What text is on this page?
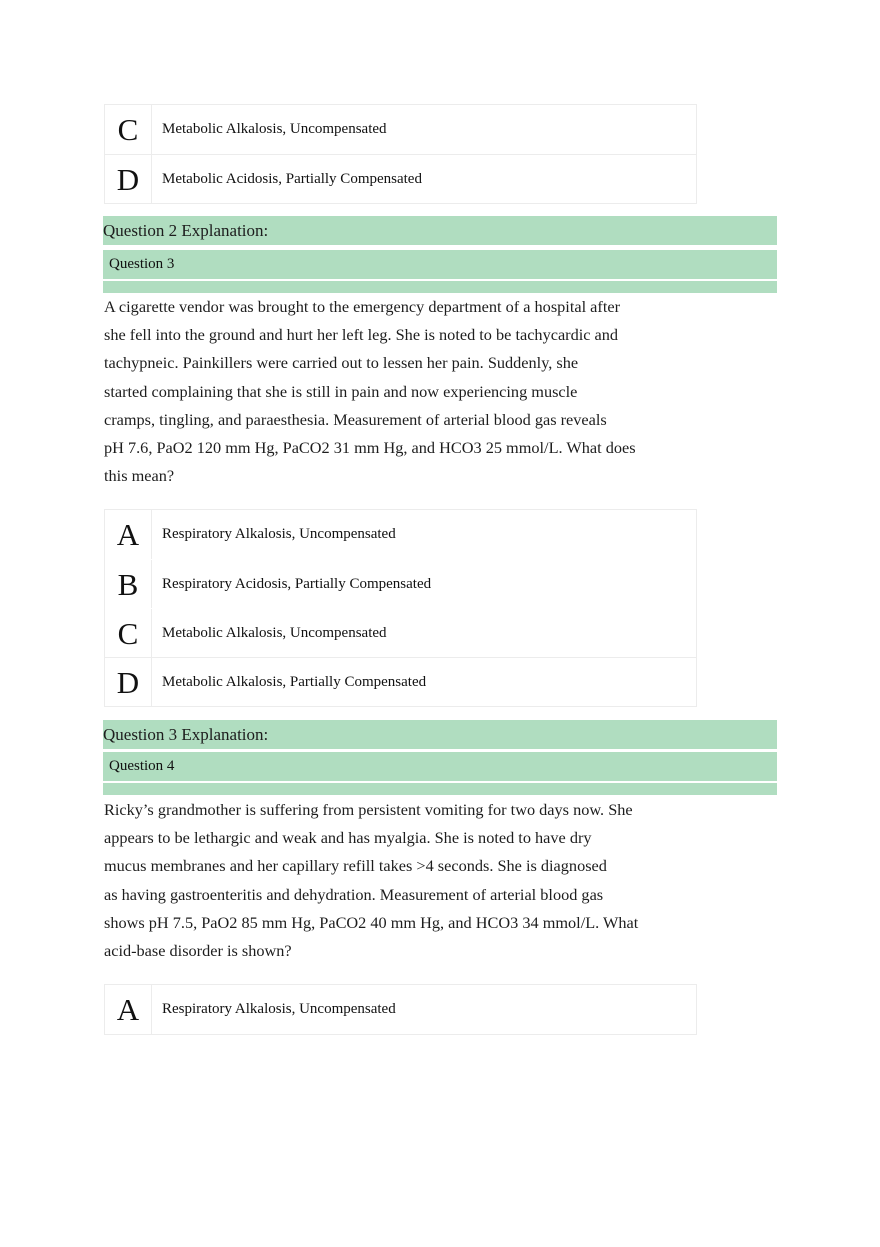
C	Metabolic Alkalosis, Uncompensated
D	Metabolic Acidosis, Partially Compensated
Question 2 Explanation:
Question 3
A cigarette vendor was brought to the emergency department of a hospital after
she fell into the ground and hurt her left leg. She is noted to be tachycardic and
tachypneic. Painkillers were carried out to lessen her pain. Suddenly, she
started complaining that she is still in pain and now experiencing muscle
cramps, tingling, and paraesthesia. Measurement of arterial blood gas reveals
pH 7.6, PaO2 120 mm Hg, PaCO2 31 mm Hg, and HCO3 25 mmol/L. What does
this mean?
A	Respiratory Alkalosis, Uncompensated
B	Respiratory Acidosis, Partially Compensated
C	Metabolic Alkalosis, Uncompensated
D	Metabolic Alkalosis, Partially Compensated
Question 3 Explanation:
Question 4
Ricky’s grandmother is suffering from persistent vomiting for two days now. She
appears to be lethargic and weak and has myalgia. She is noted to have dry
mucus membranes and her capillary refill takes >4 seconds. She is diagnosed
as having gastroenteritis and dehydration. Measurement of arterial blood gas
shows pH 7.5, PaO2 85 mm Hg, PaCO2 40 mm Hg, and HCO3 34 mmol/L. What
acid-base disorder is shown?
A	Respiratory Alkalosis, Uncompensated
